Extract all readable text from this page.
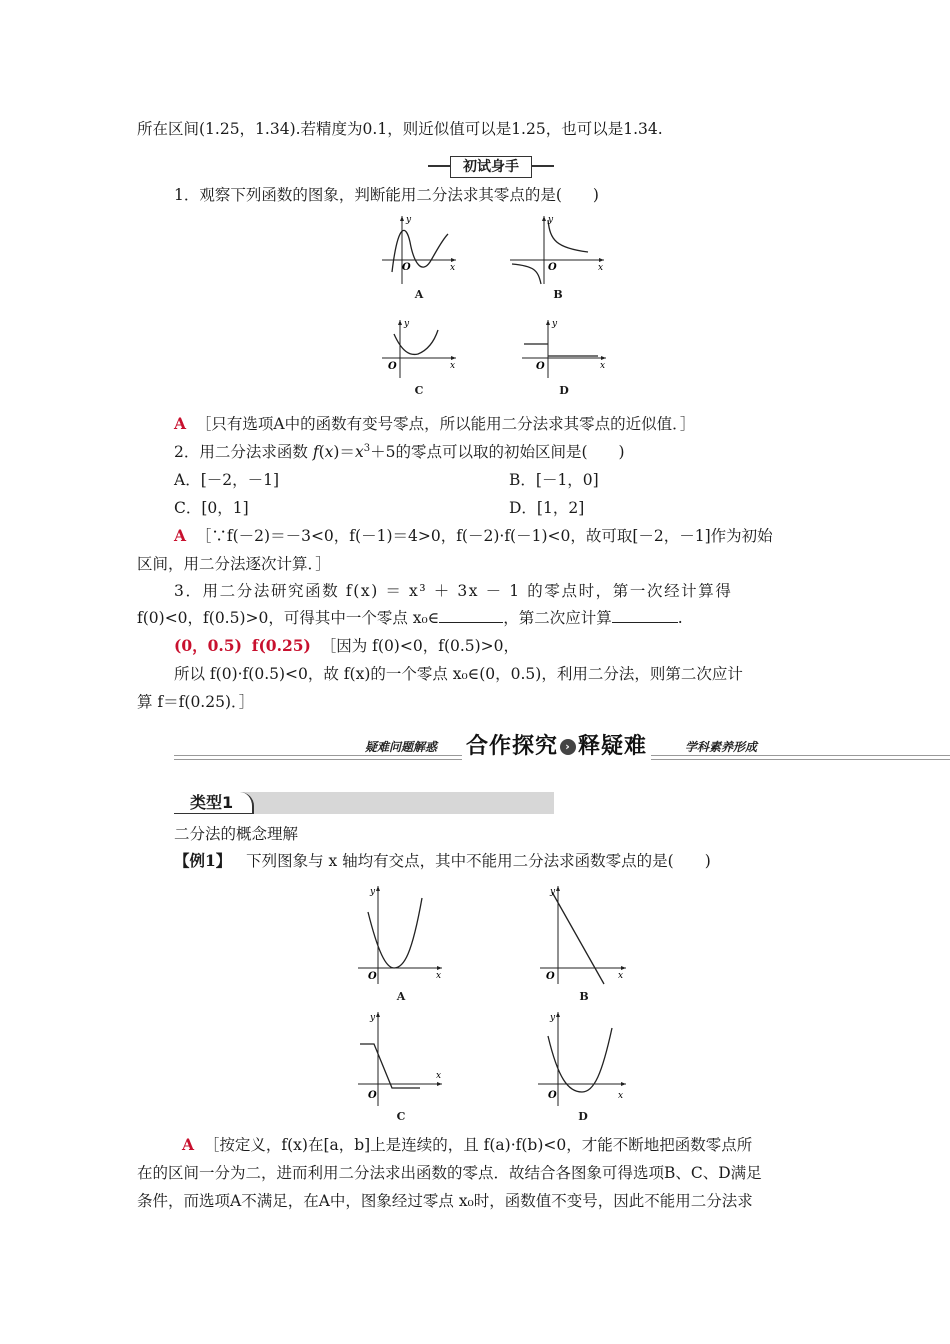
所在区间(1.25，1.34).若精度为0.1，则近似值可以是1.25，也可以是1.34.
初试身手
1．观察下列函数的图象，判断能用二分法求其零点的是(　　)
y
O	x
A
y
O	x
B
y
O	x
C
y
O	x
D
A ［只有选项A中的函数有变号零点，所以能用二分法求其零点的近似值．］
2．用二分法求函数 $f(x)=x^3+5$的零点可以取的初始区间是(　　)
A．[－2，－1]	B．[－1，0]
C．[0，1]	D．[1，2]
A ［∵f(－2)＝－3<0，f(－1)＝4>0，f(－2)·f(－1)<0，故可取[－2，－1]作为初始
区间，用二分法逐次计算．］
3．用二分法研究函数 f(x) ＝ x³ ＋ 3x － 1 的零点时，第一次经计算得
f(0)<0，f(0.5)>0，可得其中一个零点 x₀∈	，第二次应计算	.
(0，0.5) f(0.25) ［因为 f(0)<0，f(0.5)>0，
所以 f(0)·f(0.5)<0，故 f(x)的一个零点 x₀∈(0，0.5)，利用二分法，则第二次应计
算 f＝f(0.25)．］
疑难问题解惑 合作探究 › 释疑难	学科素养形成
类型1
二分法的概念理解
【例1】 下列图象与 x 轴均有交点，其中不能用二分法求函数零点的是(　　)
y
O	x
A
y
O	x
B
y
O
x
C
y
O	x
D
A ［按定义，f(x)在[a，b]上是连续的，且 f(a)·f(b)<0，才能不断地把函数零点所
在的区间一分为二，进而利用二分法求出函数的零点．故结合各图象可得选项B、C、D满足
条件，而选项A不满足，在A中，图象经过零点 x₀时，函数值不变号，因此不能用二分法求
